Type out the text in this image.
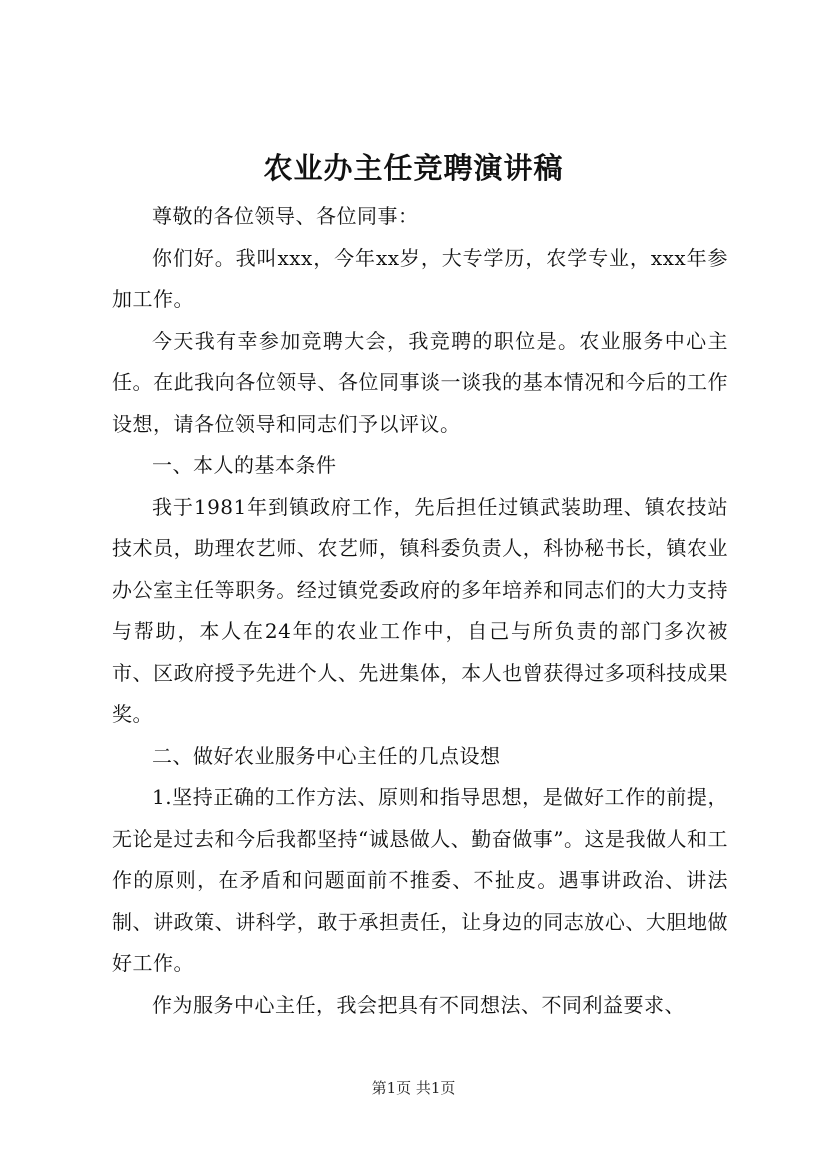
农业办主任竞聘演讲稿

尊敬的各位领导、各位同事：

你们好。我叫xxx，今年xx岁，大专学历，农学专业，xxx年参加工作。

今天我有幸参加竞聘大会，我竞聘的职位是。农业服务中心主任。在此我向各位领导、各位同事谈一谈我的基本情况和今后的工作设想，请各位领导和同志们予以评议。

一、本人的基本条件

我于1981年到镇政府工作，先后担任过镇武装助理、镇农技站技术员，助理农艺师、农艺师，镇科委负责人，科协秘书长，镇农业办公室主任等职务。经过镇党委政府的多年培养和同志们的大力支持与帮助，本人在24年的农业工作中，自己与所负责的部门多次被市、区政府授予先进个人、先进集体，本人也曾获得过多项科技成果奖。

二、做好农业服务中心主任的几点设想

1.坚持正确的工作方法、原则和指导思想，是做好工作的前提，无论是过去和今后我都坚持“诚恳做人、勤奋做事”。这是我做人和工作的原则，在矛盾和问题面前不推委、不扯皮。遇事讲政治、讲法制、讲政策、讲科学，敢于承担责任，让身边的同志放心、大胆地做好工作。

作为服务中心主任，我会把具有不同想法、不同利益要求、

第1页 共1页
